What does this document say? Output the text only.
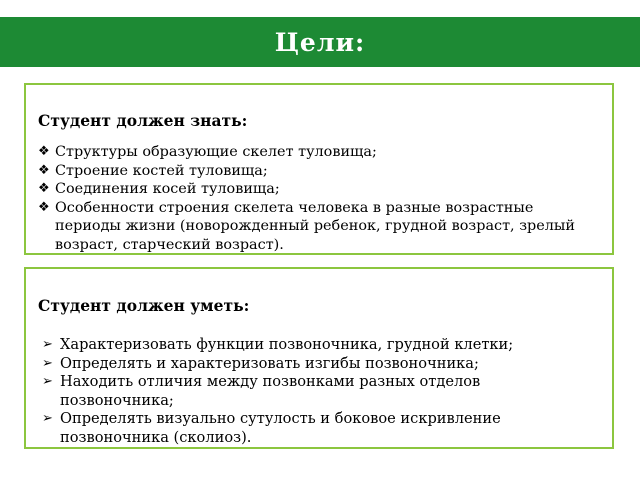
Цели:
Студент должен знать:
❖ Структуры образующие скелет туловища;
❖ Строение костей туловища;
❖ Соединения косей туловища;
❖ Особенности строения скелета человека в разные возрастные периоды жизни (новорожденный ребенок, грудной возраст, зрелый возраст, старческий возраст).
Студент должен уметь:
➢ Характеризовать функции позвоночника, грудной клетки;
➢ Определять и характеризовать изгибы позвоночника;
➢ Находить отличия между позвонками разных отделов позвоночника;
➢ Определять визуально сутулость и боковое искривление позвоночника (сколиоз).
